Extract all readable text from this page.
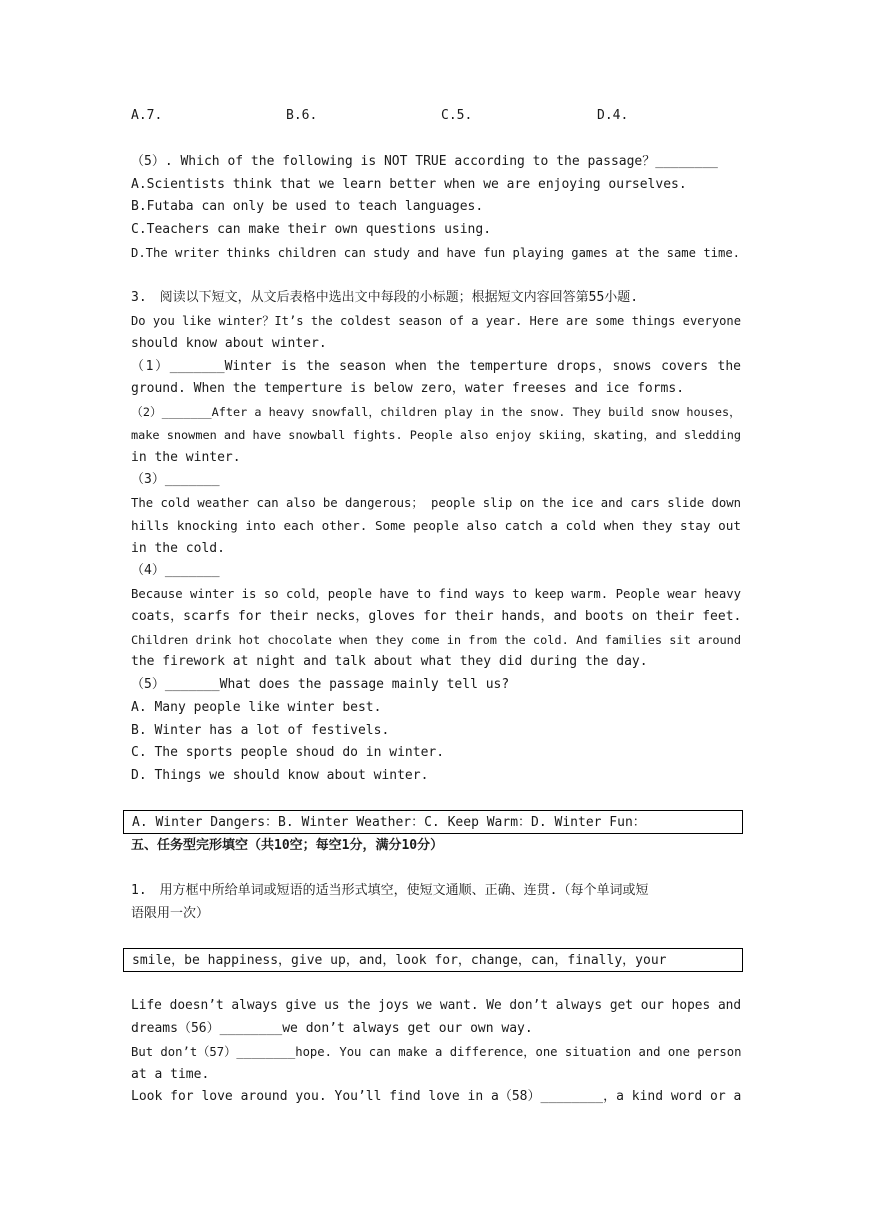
A.7.	B.6.	C.5.	D.4.
（5）. Which of the following is NOT TRUE according to the passage？________
A.Scientists think that we learn better when we are enjoying ourselves.
B.Futaba can only be used to teach languages.
C.Teachers can make their own questions using.
D.The writer thinks children can study and have fun playing games at the same time.
3.　阅读以下短文，从文后表格中选出文中每段的小标题；根据短文内容回答第55小题.
Do you like winter？It’s the coldest season of a year. Here are some things everyone
should know about winter.
（1）_______Winter is the season when the temperture drops，snows covers the
ground. When the temperture is below zero，water freeses and ice forms.
（2）_______After a heavy snowfall，children play in the snow. They build snow houses，
make snowmen and have snowball fights. People also enjoy skiing，skating，and sledding
in the winter.
（3）_______
The cold weather can also be dangerous； people slip on the ice and cars slide down
hills knocking into each other. Some people also catch a cold when they stay out
in the cold.
（4）_______
Because winter is so cold，people have to find ways to keep warm. People wear heavy
coats，scarfs for their necks，gloves for their hands，and boots on their feet.
Children drink hot chocolate when they come in from the cold. And families sit around
the firework at night and talk about what they did during the day.
（5）_______What does the passage mainly tell us?
A. Many people like winter best.
B. Winter has a lot of festivels.
C. The sports people shoud do in winter.
D. Things we should know about winter.
A. Winter Dangers：B. Winter Weather：C. Keep Warm：D. Winter Fun：
五、任务型完形填空（共10空；每空1分，满分10分）
1.　用方框中所给单词或短语的适当形式填空，使短文通顺、正确、连贯.（每个单词或短
语限用一次）
smile，be happiness，give up，and，look for，change，can，finally，your
Life doesn’t always give us the joys we want. We don’t always get our hopes and
dreams（56）________we don’t always get our own way.
But don’t（57）________hope. You can make a difference，one situation and one person
at a time.
Look for love around you. You’ll find love in a（58）________，a kind word or a
